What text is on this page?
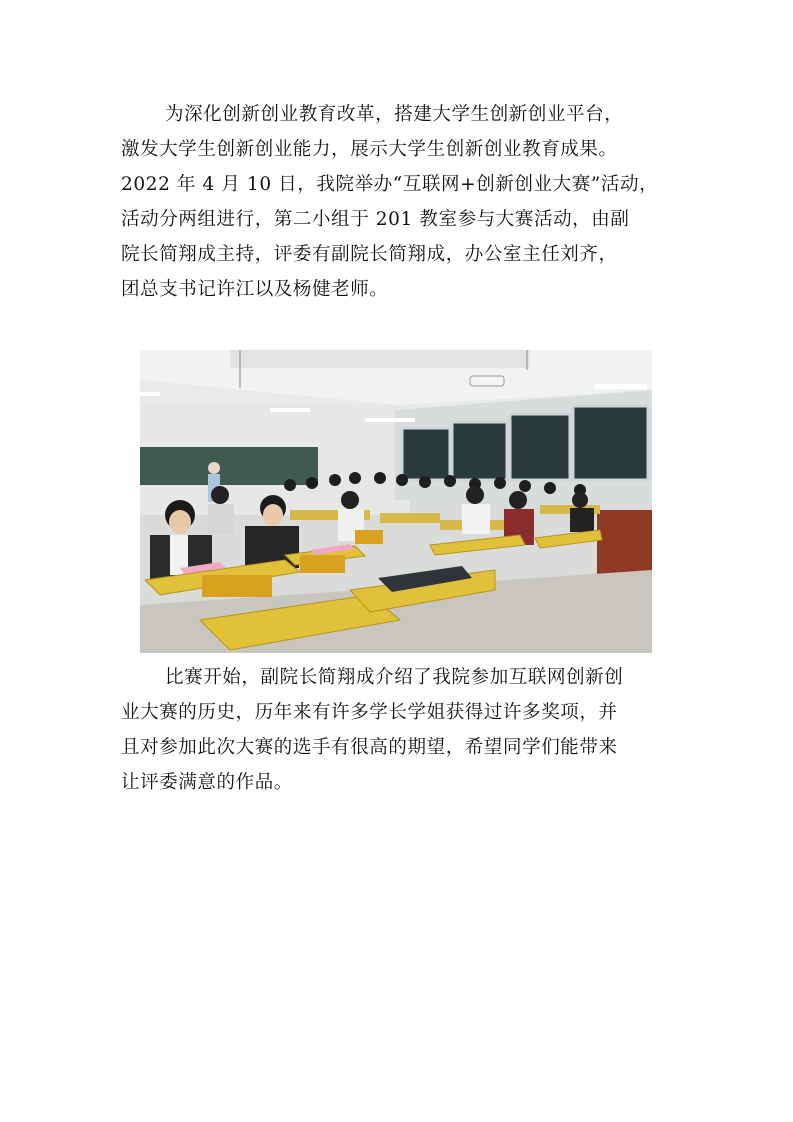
为深化创新创业教育改革，搭建大学生创新创业平台，
激发大学生创新创业能力，展示大学生创新创业教育成果。
2022 年 4 月 10 日，我院举办“互联网+创新创业大赛”活动，
活动分两组进行，第二小组于 201 教室参与大赛活动，由副
院长简翔成主持，评委有副院长简翔成，办公室主任刘齐，
团总支书记许江以及杨健老师。
比赛开始，副院长简翔成介绍了我院参加互联网创新创
业大赛的历史，历年来有许多学长学姐获得过许多奖项，并
且对参加此次大赛的选手有很高的期望，希望同学们能带来
让评委满意的作品。
